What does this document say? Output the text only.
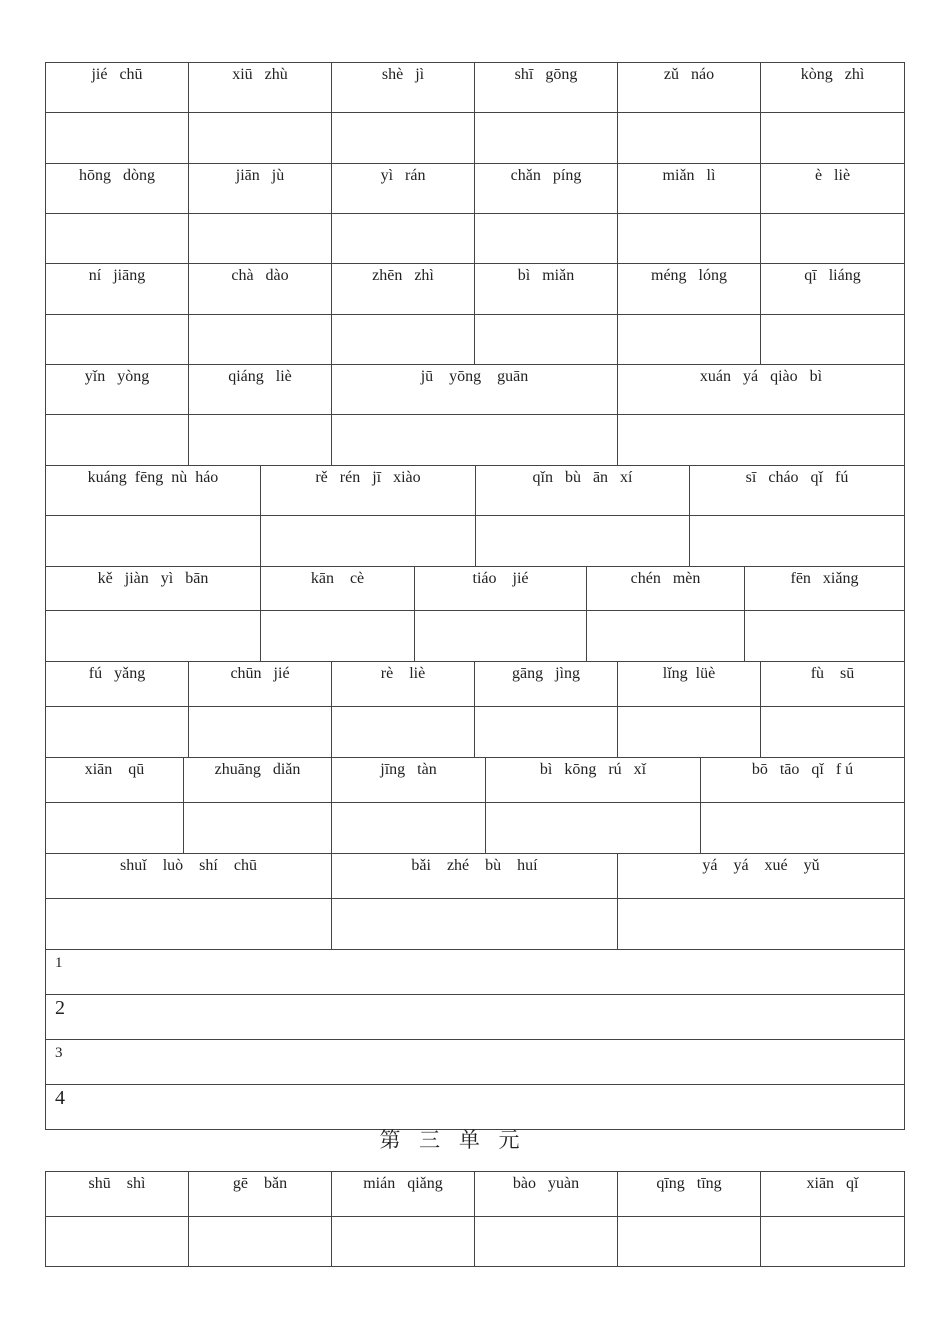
jié   chū	xiū   zhù	shè   jì	shī   gōng	zǔ   náo	kòng   zhì
hōng   dòng	jiān   jù	yì   rán	chǎn   píng	miǎn   lì	è   liè
ní   jiāng	chà   dào	zhēn   zhì	bì   miǎn	méng   lóng	qī   liáng
yǐn   yòng	qiáng   liè	jū    yōng    guān	xuán   yá   qiào   bì
kuáng  fēng  nù  háo	rě   rén   jī   xiào	qǐn   bù   ān   xí	sī   cháo   qǐ   fú
kě   jiàn   yì   bān	kān    cè	tiáo    jié	chén   mèn	fēn   xiǎng
fú   yǎng	chūn   jié	rè    liè	gāng   jìng	lǐng  lüè	fù    sū
xiān    qū	zhuāng   diǎn	jīng   tàn	bì   kōng   rú   xǐ	bō   tāo   qǐ   f ú
shuǐ    luò    shí    chū	bǎi    zhé    bù    huí	yá    yá    xué    yǔ
1
2
3
4
第 三 单 元
shū    shì	gē    bǎn	mián   qiǎng	bào   yuàn	qīng   tīng	xiān   qǐ
